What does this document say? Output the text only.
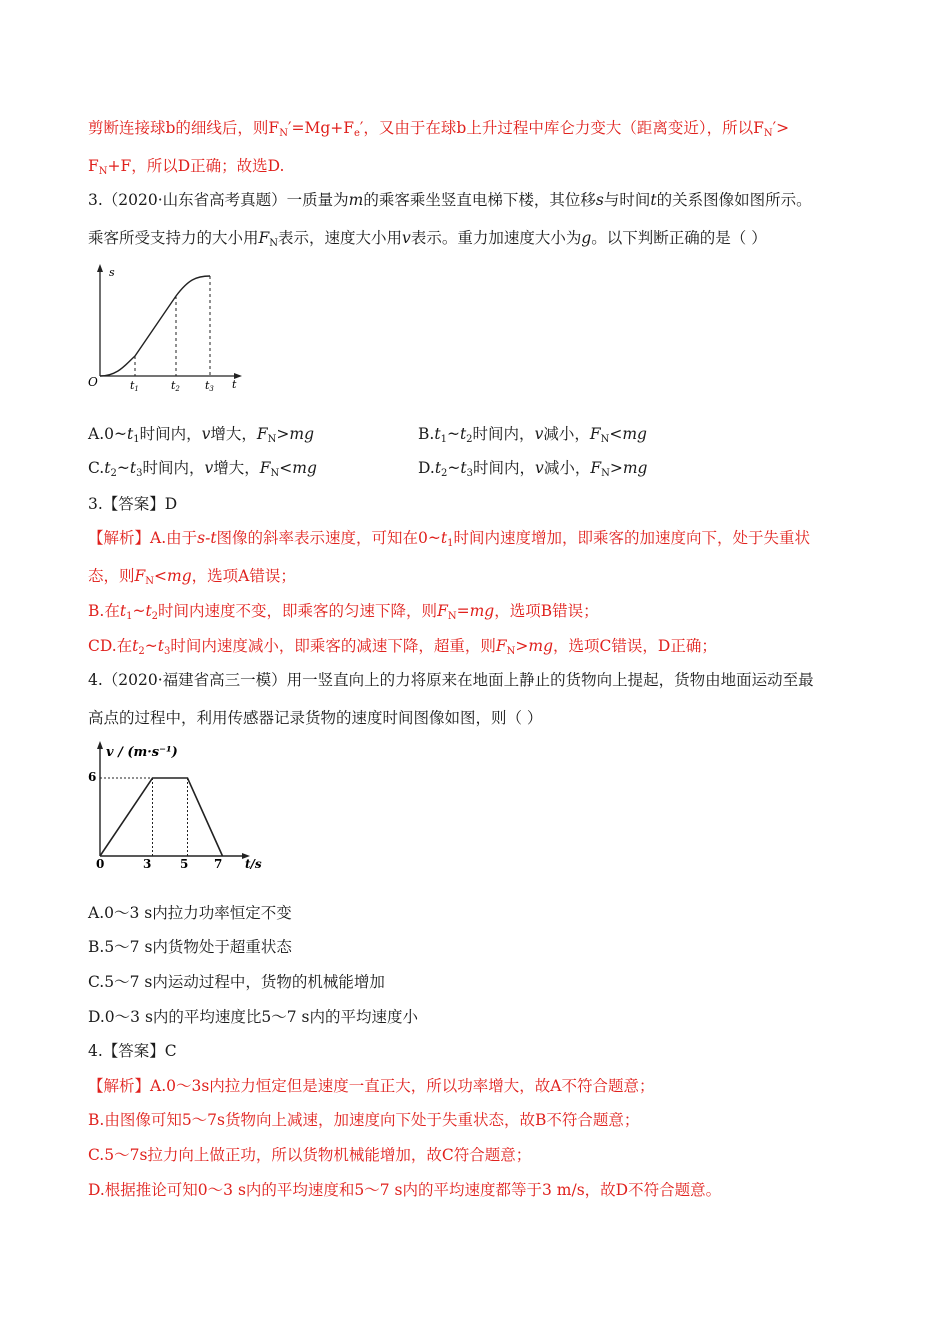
剪断连接球b的细线后，则$F_N'=Mg+F_e'$，又由于在球b上升过程中库仑力变大（距离变近），所以$F_N'>$
$F_N+F$，所以D正确；故选D.
3.（2020·山东省高考真题）一质量为m的乘客乘坐竖直电梯下楼，其位移s与时间t的关系图像如图所示。
乘客所受支持力的大小用$F_N$表示，速度大小用v表示。重力加速度大小为g。以下判断正确的是（ ）
s
O	t
t1	t2 t3
$A.0\sim t_1$时间内，v增大，$F_N>mg$	$B.t_1\sim t_2$时间内，v减小，$F_N<mg$
$C.t_2\sim t_3$时间内，v增大，$F_N<mg$	$D.t_2\sim t_3$时间内，v减小，$F_N>mg$
3.【答案】D
【解析】A.由于s-t图像的斜率表示速度，可知在$0\sim t_1$时间内速度增加，即乘客的加速度向下，处于失重状
态，则$F_N<mg$，选项A错误；
B.在$t_1\sim t_2$时间内速度不变，即乘客的匀速下降，则$F_N=mg$，选项B错误；
CD.在$t_2\sim t_3$时间内速度减小，即乘客的减速下降，超重，则$F_N>mg$，选项C错误，D正确；
4.（2020·福建省高三一模）用一竖直向上的力将原来在地面上静止的货物向上提起，货物由地面运动至最
高点的过程中，利用传感器记录货物的速度时间图像如图，则（ ）
v / (m·s⁻¹)
6
0	3 5 7 t/s
A.0～3 s内拉力功率恒定不变
B.5～7 s内货物处于超重状态
C.5～7 s内运动过程中，货物的机械能增加
D.0～3 s内的平均速度比5～7 s内的平均速度小
4.【答案】C
【解析】A.0～3s内拉力恒定但是速度一直正大，所以功率增大，故A不符合题意；
B.由图像可知5～7s货物向上减速，加速度向下处于失重状态，故B不符合题意；
C.5～7s拉力向上做正功，所以货物机械能增加，故C符合题意；
D.根据推论可知0～3 s内的平均速度和5～7 s内的平均速度都等于3 m/s，故D不符合题意。
